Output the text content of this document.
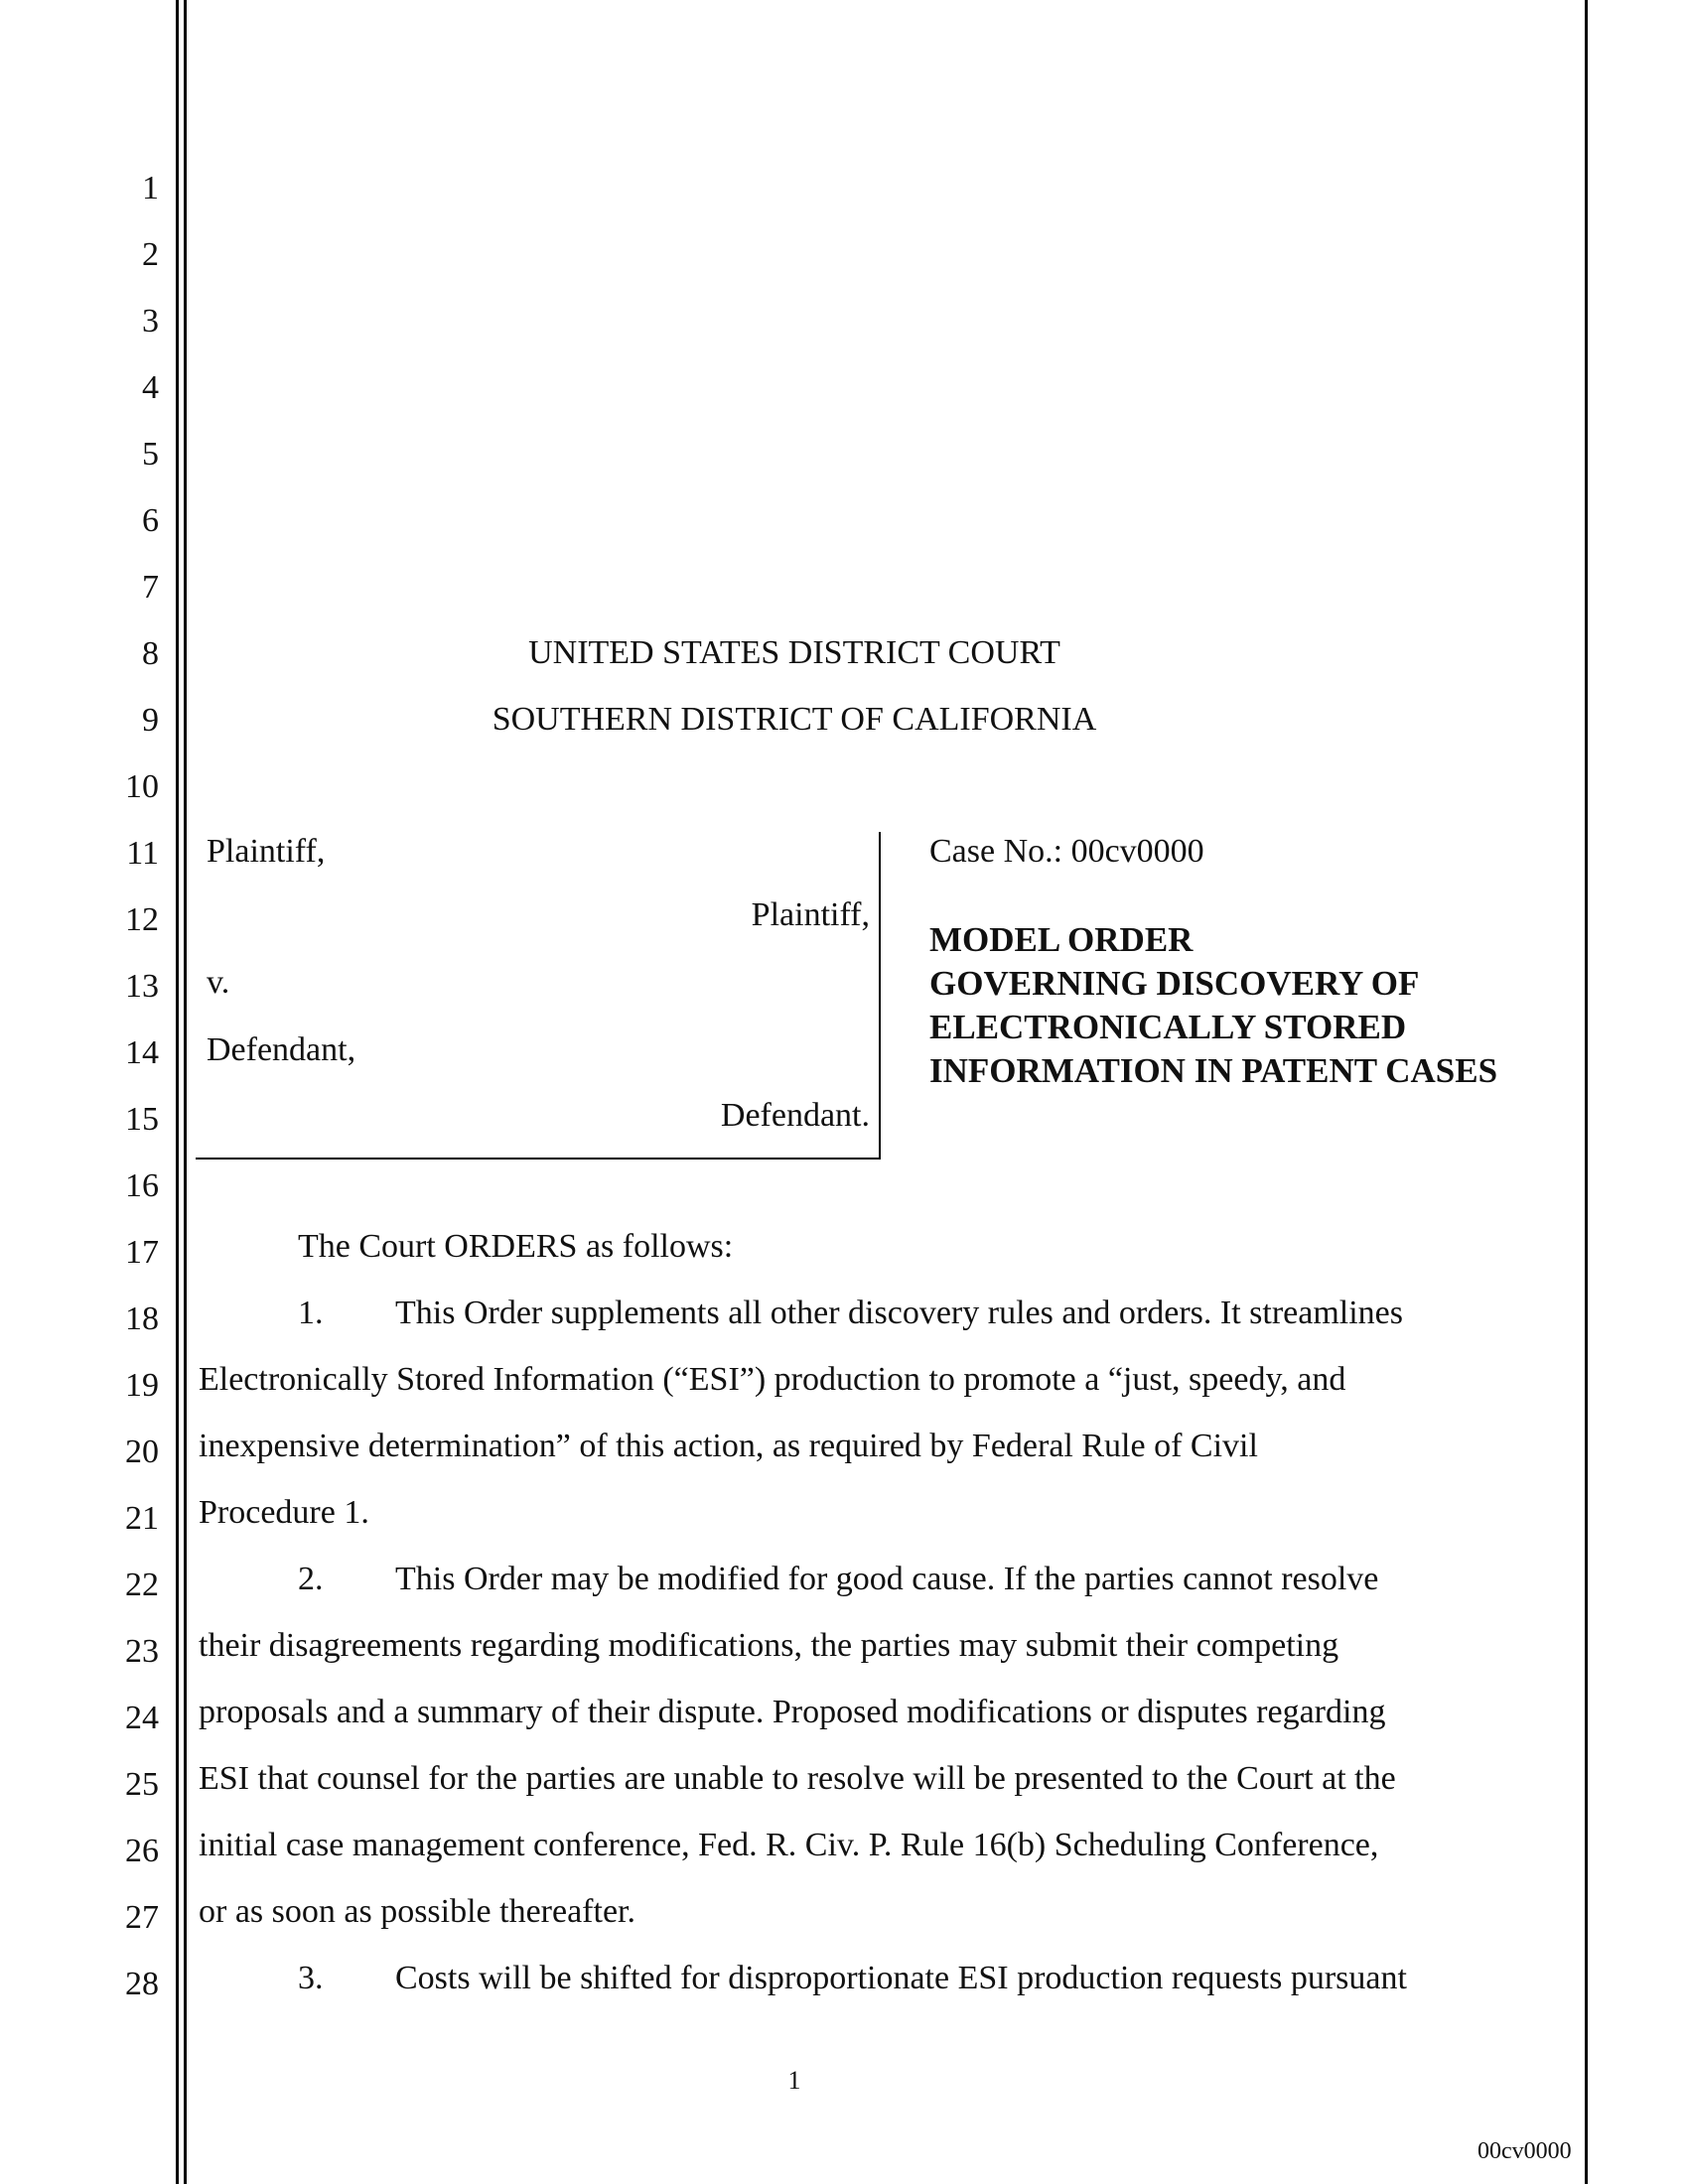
1
2
3
4
5
6
7
8
9
10
11
12
13
14
15
16
17
18
19
20
21
22
23
24
25
26
27
28
UNITED STATES DISTRICT COURT
SOUTHERN DISTRICT OF CALIFORNIA
Plaintiff,
Plaintiff,
v.
Defendant,
Defendant.
Case No.: 00cv0000
MODEL ORDER
GOVERNING DISCOVERY OF
ELECTRONICALLY STORED
INFORMATION IN PATENT CASES
The Court ORDERS as follows:
1. This Order supplements all other discovery rules and orders. It streamlines
Electronically Stored Information (“ESI”) production to promote a “just, speedy, and
inexpensive determination” of this action, as required by Federal Rule of Civil
Procedure 1.
2. This Order may be modified for good cause. If the parties cannot resolve
their disagreements regarding modifications, the parties may submit their competing
proposals and a summary of their dispute. Proposed modifications or disputes regarding
ESI that counsel for the parties are unable to resolve will be presented to the Court at the
initial case management conference, Fed. R. Civ. P. Rule 16(b) Scheduling Conference,
or as soon as possible thereafter.
3. Costs will be shifted for disproportionate ESI production requests pursuant
1
00cv0000
